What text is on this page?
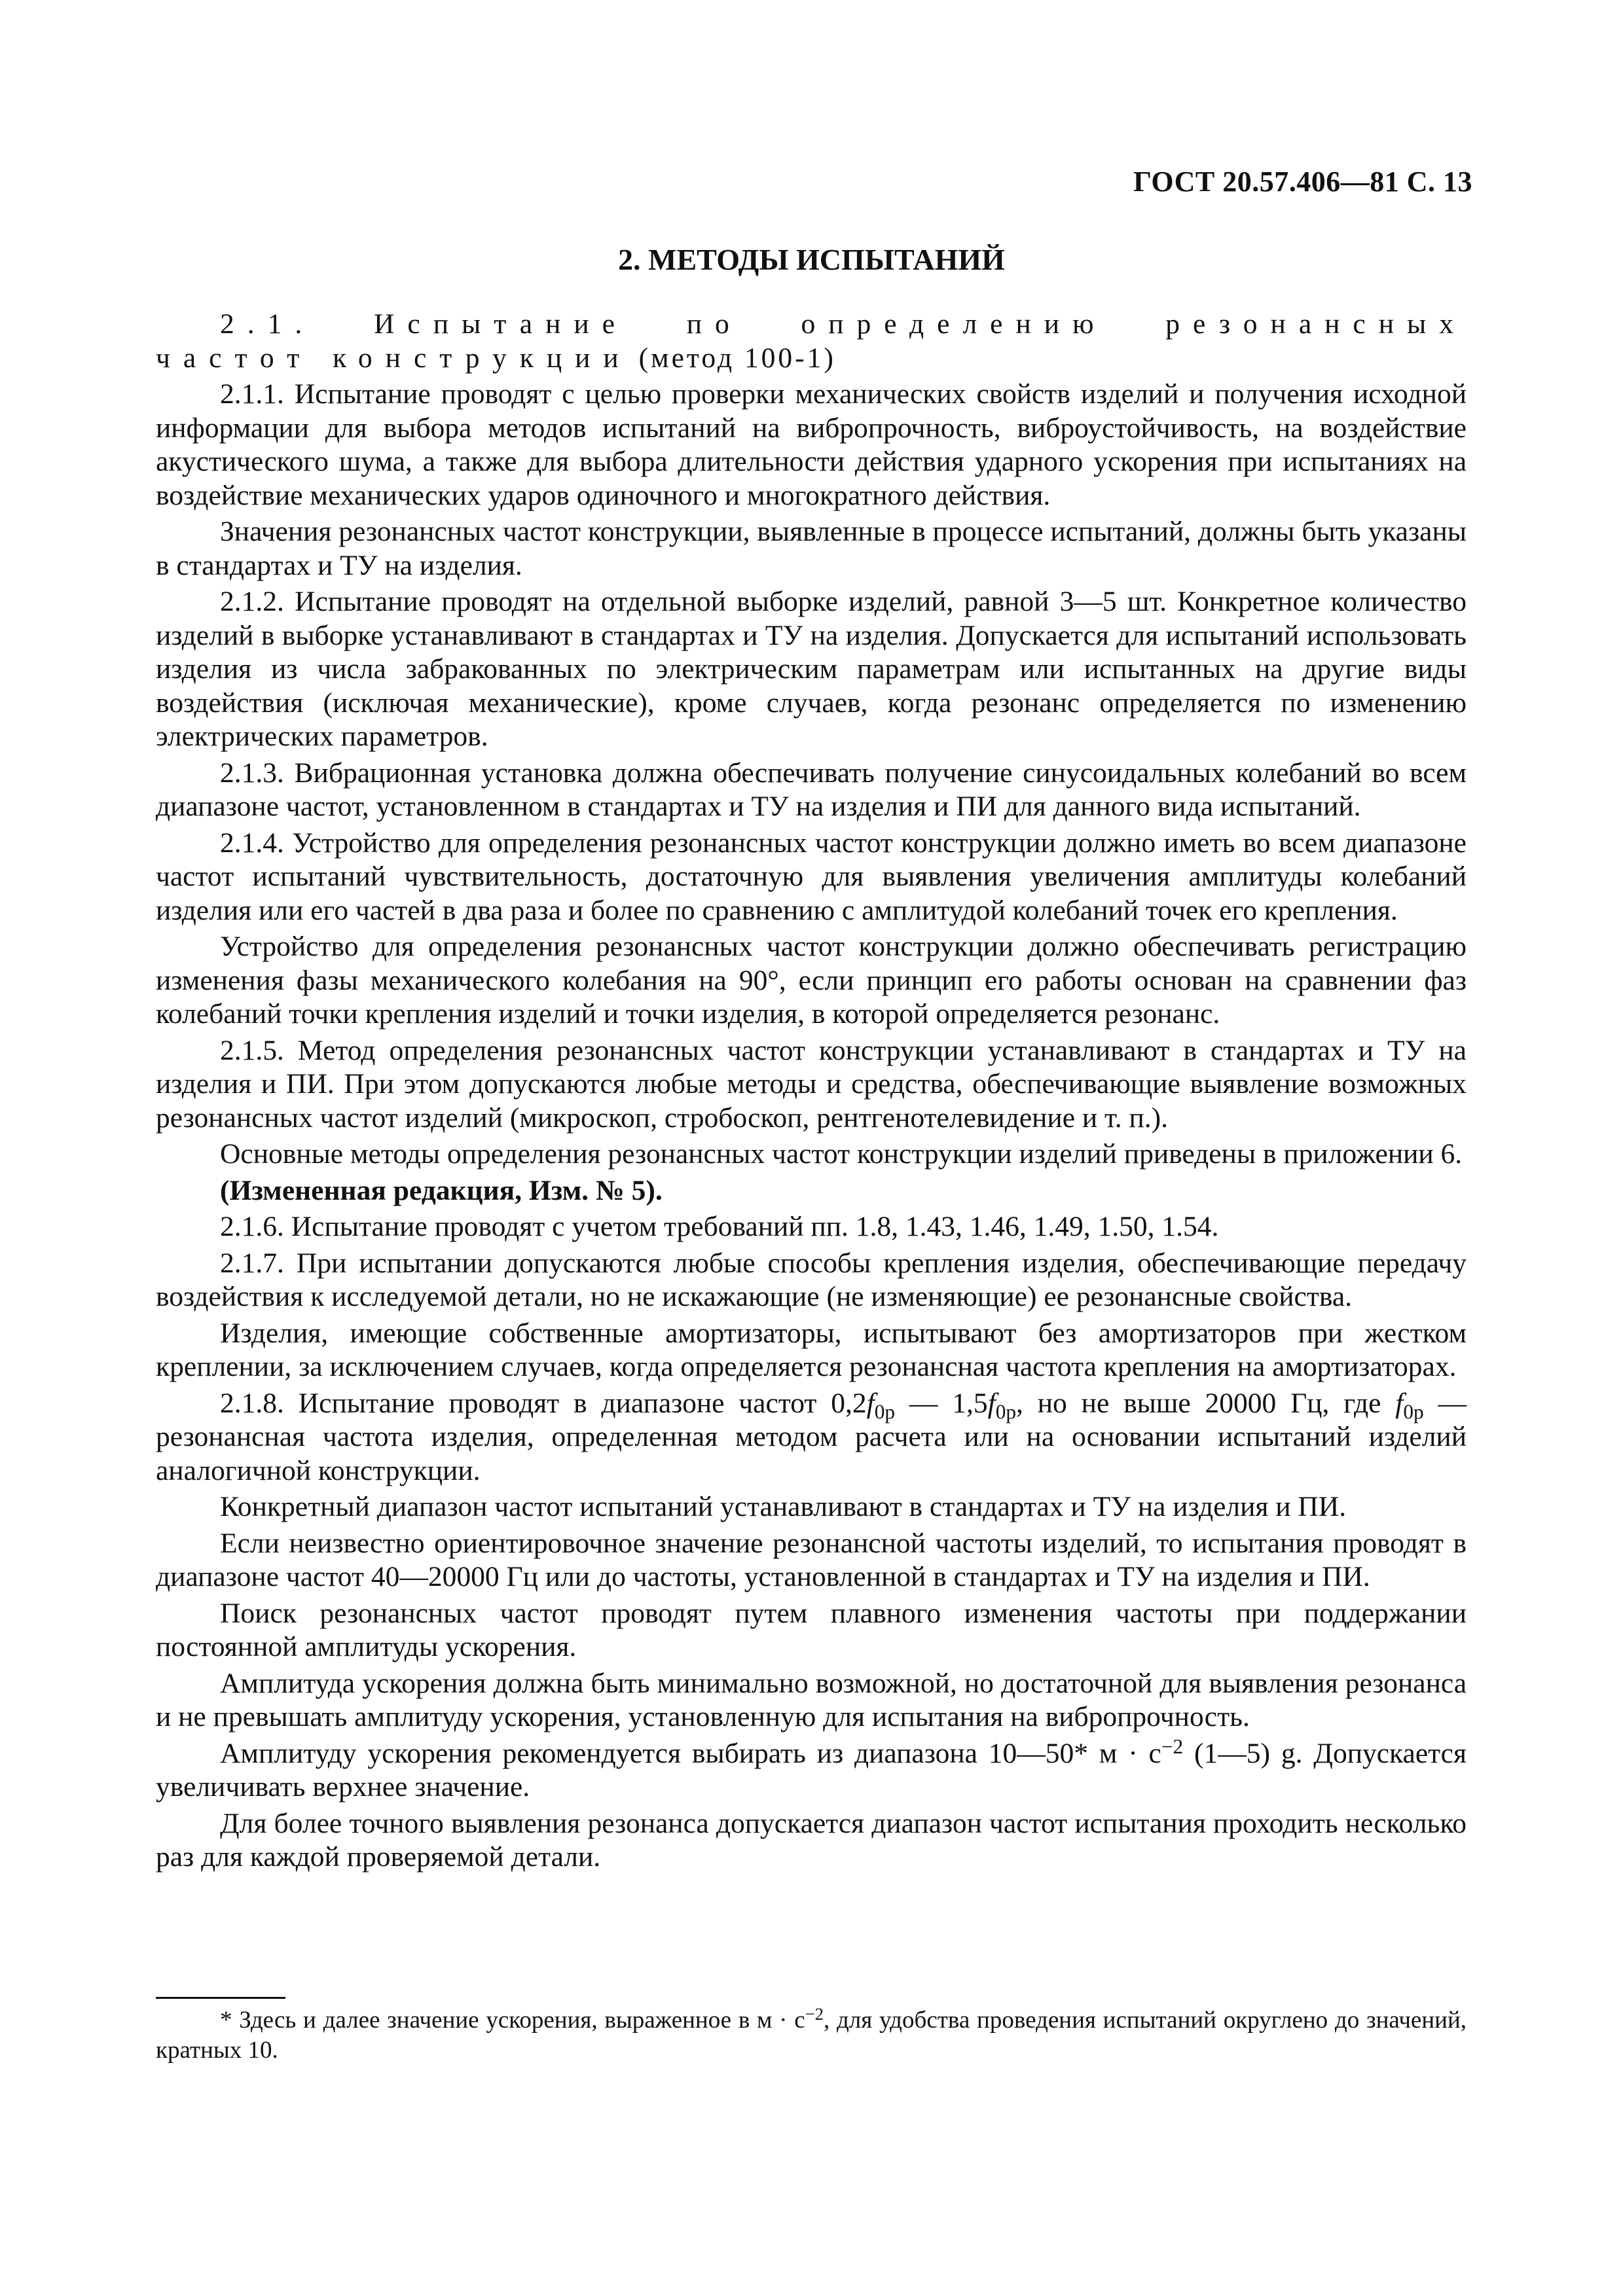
ГОСТ 20.57.406—81 С. 13
2. МЕТОДЫ ИСПЫТАНИЙ

2.1. Испытание по определению резонансных частот конструкции (метод 100-1)

2.1.1. Испытание проводят с целью проверки механических свойств изделий и получения исходной информации для выбора методов испытаний на вибропрочность, виброустойчивость, на воздействие акустического шума, а также для выбора длительности действия ударного ускорения при испытаниях на воздействие механических ударов одиночного и многократного действия.

Значения резонансных частот конструкции, выявленные в процессе испытаний, должны быть указаны в стандартах и ТУ на изделия.

2.1.2. Испытание проводят на отдельной выборке изделий, равной 3—5 шт. Конкретное количество изделий в выборке устанавливают в стандартах и ТУ на изделия. Допускается для испытаний использовать изделия из числа забракованных по электрическим параметрам или испытанных на другие виды воздействия (исключая механические), кроме случаев, когда резонанс определяется по изменению электрических параметров.

2.1.3. Вибрационная установка должна обеспечивать получение синусоидальных колебаний во всем диапазоне частот, установленном в стандартах и ТУ на изделия и ПИ для данного вида испытаний.

2.1.4. Устройство для определения резонансных частот конструкции должно иметь во всем диапазоне частот испытаний чувствительность, достаточную для выявления увеличения амплитуды колебаний изделия или его частей в два раза и более по сравнению с амплитудой колебаний точек его крепления.

Устройство для определения резонансных частот конструкции должно обеспечивать регистрацию изменения фазы механического колебания на 90°, если принцип его работы основан на сравнении фаз колебаний точки крепления изделий и точки изделия, в которой определяется резонанс.

2.1.5. Метод определения резонансных частот конструкции устанавливают в стандартах и ТУ на изделия и ПИ. При этом допускаются любые методы и средства, обеспечивающие выявление возможных резонансных частот изделий (микроскоп, стробоскоп, рентгенотелевидение и т. п.).

Основные методы определения резонансных частот конструкции изделий приведены в приложении 6.

(Измененная редакция, Изм. № 5).

2.1.6. Испытание проводят с учетом требований пп. 1.8, 1.43, 1.46, 1.49, 1.50, 1.54.

2.1.7. При испытании допускаются любые способы крепления изделия, обеспечивающие передачу воздействия к исследуемой детали, но не искажающие (не изменяющие) ее резонансные свойства.

Изделия, имеющие собственные амортизаторы, испытывают без амортизаторов при жестком креплении, за исключением случаев, когда определяется резонансная частота крепления на амортизаторах.

2.1.8. Испытание проводят в диапазоне частот $0,2f_{0р}$ — $1,5f_{0р}$, но не выше 20000 Гц, где $f_{0р}$ — резонансная частота изделия, определенная методом расчета или на основании испытаний изделий аналогичной конструкции.

Конкретный диапазон частот испытаний устанавливают в стандартах и ТУ на изделия и ПИ.

Если неизвестно ориентировочное значение резонансной частоты изделий, то испытания проводят в диапазоне частот 40—20000 Гц или до частоты, установленной в стандартах и ТУ на изделия и ПИ.

Поиск резонансных частот проводят путем плавного изменения частоты при поддержании постоянной амплитуды ускорения.

Амплитуда ускорения должна быть минимально возможной, но достаточной для выявления резонанса и не превышать амплитуду ускорения, установленную для испытания на вибропрочность.

Амплитуду ускорения рекомендуется выбирать из диапазона 10—50* $м \cdot с^{-2}$ (1—5) g. Допускается увеличивать верхнее значение.

Для более точного выявления резонанса допускается диапазон частот испытания проходить несколько раз для каждой проверяемой детали.

* Здесь и далее значение ускорения, выраженное в $м \cdot с^{-2}$, для удобства проведения испытаний округлено до значений, кратных 10.
